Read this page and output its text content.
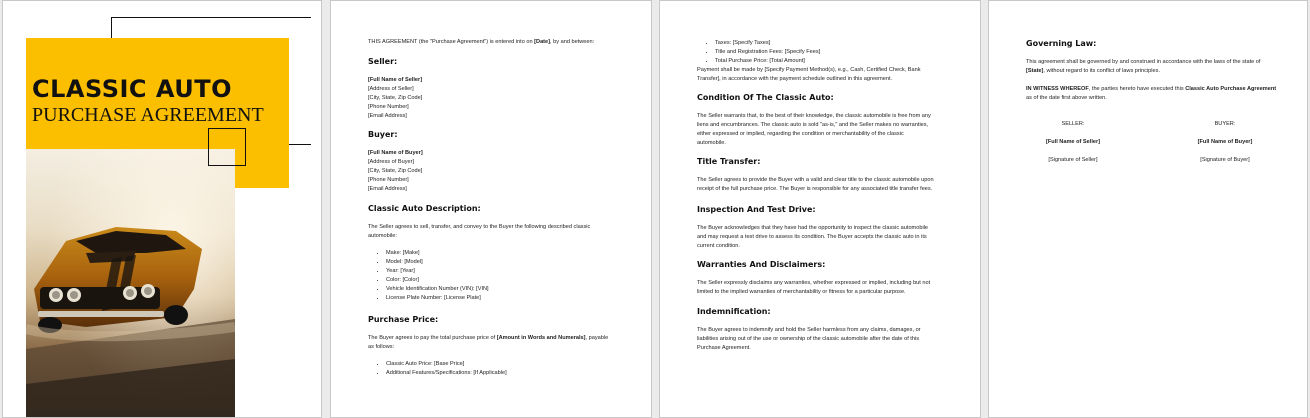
CLASSIC AUTO
PURCHASE AGREEMENT
THIS AGREEMENT (the "Purchase Agreement") is entered into on [Date], by and between:
Seller:
[Full Name of Seller]
[Address of Seller]
[City, State, Zip Code]
[Phone Number]
[Email Address]
Buyer:
[Full Name of Buyer]
[Address of Buyer]
[City, State, Zip Code]
[Phone Number]
[Email Address]
Classic Auto Description:
The Seller agrees to sell, transfer, and convey to the Buyer the following described classic
automobile:
• Make: [Make]
• Model: [Model]
• Year: [Year]
• Color: [Color]
• Vehicle Identification Number (VIN): [VIN]
• License Plate Number: [License Plate]
Purchase Price:
The Buyer agrees to pay the total purchase price of [Amount in Words and Numerals], payable
as follows:
• Classic Auto Price: [Base Price]
• Additional Features/Specifications: [If Applicable]
• Taxes: [Specify Taxes]
• Title and Registration Fees: [Specify Fees]
• Total Purchase Price: [Total Amount]
Payment shall be made by [Specify Payment Method(s), e.g., Cash, Certified Check, Bank
Transfer], in accordance with the payment schedule outlined in this agreement.
Condition Of The Classic Auto:
The Seller warrants that, to the best of their knowledge, the classic automobile is free from any
liens and encumbrances. The classic auto is sold "as-is," and the Seller makes no warranties,
either expressed or implied, regarding the condition or merchantability of the classic
automobile.
Title Transfer:
The Seller agrees to provide the Buyer with a valid and clear title to the classic automobile upon
receipt of the full purchase price. The Buyer is responsible for any associated title transfer fees.
Inspection And Test Drive:
The Buyer acknowledges that they have had the opportunity to inspect the classic automobile
and may request a test drive to assess its condition. The Buyer accepts the classic auto in its
current condition.
Warranties And Disclaimers:
The Seller expressly disclaims any warranties, whether expressed or implied, including but not
limited to the implied warranties of merchantability or fitness for a particular purpose.
Indemnification:
The Buyer agrees to indemnify and hold the Seller harmless from any claims, damages, or
liabilities arising out of the use or ownership of the classic automobile after the date of this
Purchase Agreement.
Governing Law:
This agreement shall be governed by and construed in accordance with the laws of the state of
[State], without regard to its conflict of laws principles.
IN WITNESS WHEREOF, the parties hereto have executed this Classic Auto Purchase Agreement
as of the date first above written.
SELLER:
[Full Name of Seller]
[Signature of Seller]
BUYER:
[Full Name of Buyer]
[Signature of Buyer]
